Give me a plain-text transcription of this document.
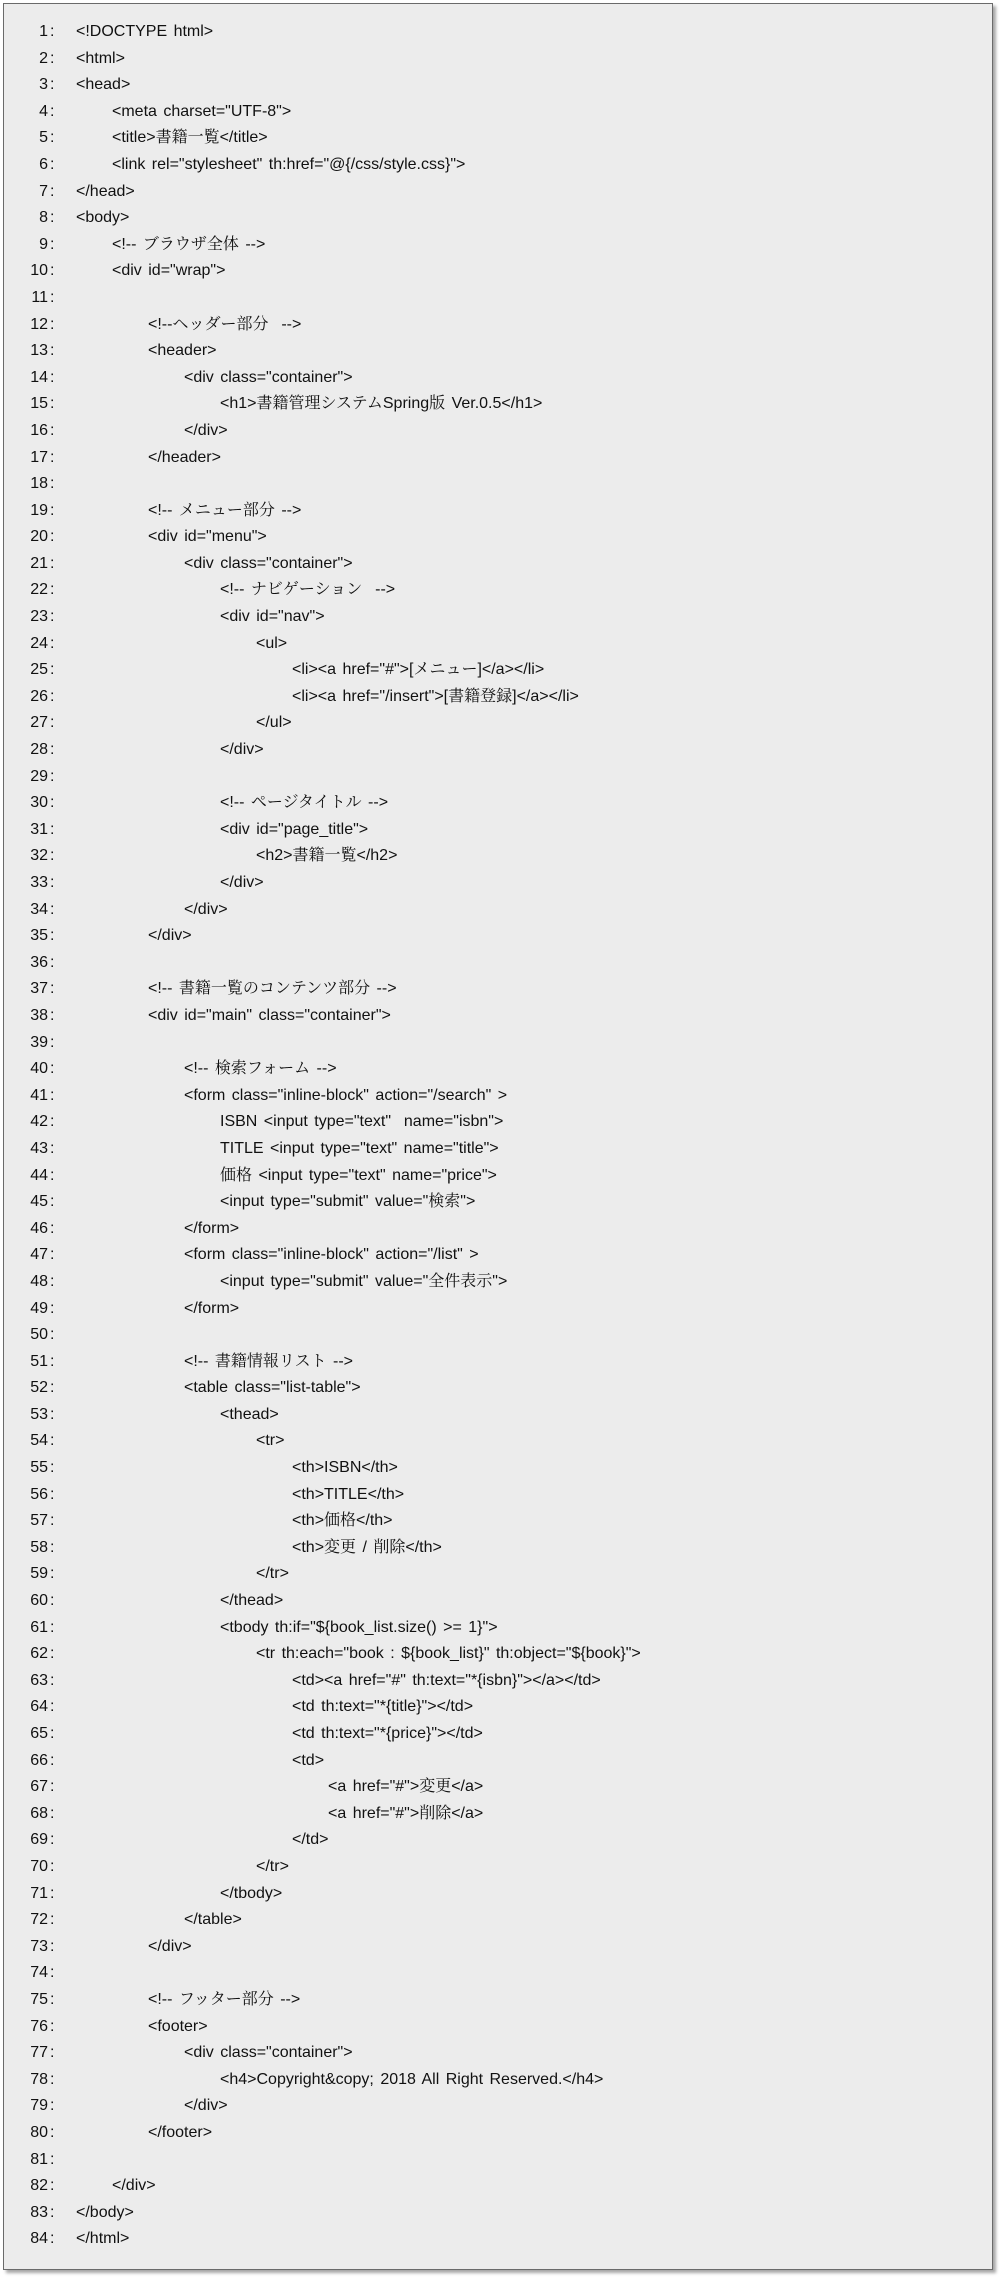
1 : <!DOCTYPE html>
2 : <html>
3 : <head>
4 :	<meta charset="UTF-8">
5 :	<title>書籍一覧</title>
6 :	<link rel="stylesheet" th:href="@{/css/style.css}">
7 : </head>
8 : <body>
9 :	<!-- ブラウザ全体 -->
10 :	<div id="wrap">
11 :
12 :	<!--ヘッダー部分  -->
13 :	<header>
14 :	<div class="container">
15 :	<h1>書籍管理システムSpring版 Ver.0.5</h1>
16 :	</div>
17 :	</header>
18 :
19 :	<!-- メニュー部分 -->
20 :	<div id="menu">
21 :	<div class="container">
22 :	<!-- ナビゲーション  -->
23 :	<div id="nav">
24 :	<ul>
25 :	<li><a href="#">[メニュー]</a></li>
26 :	<li><a href="/insert">[書籍登録]</a></li>
27 :	</ul>
28 :	</div>
29 :
30 :	<!-- ページタイトル -->
31 :	<div id="page_title">
32 :	<h2>書籍一覧</h2>
33 :	</div>
34 :	</div>
35 :	</div>
36 :
37 :	<!-- 書籍一覧のコンテンツ部分 -->
38 :	<div id="main" class="container">
39 :
40 :	<!-- 検索フォーム -->
41 :	<form class="inline-block" action="/search" >
42 :	ISBN <input type="text"  name="isbn">
43 :	TITLE <input type="text" name="title">
44 :	価格 <input type="text" name="price">
45 :	<input type="submit" value="検索">
46 :	</form>
47 :	<form class="inline-block" action="/list" >
48 :	<input type="submit" value="全件表示">
49 :	</form>
50 :
51 :	<!-- 書籍情報リスト -->
52 :	<table class="list-table">
53 :	<thead>
54 :	<tr>
55 :	<th>ISBN</th>
56 :	<th>TITLE</th>
57 :	<th>価格</th>
58 :	<th>変更 / 削除</th>
59 :	</tr>
60 :	</thead>
61 :	<tbody th:if="${book_list.size() >= 1}">
62 :	<tr th:each="book : ${book_list}" th:object="${book}">
63 :	<td><a href="#" th:text="*{isbn}"></a></td>
64 :	<td th:text="*{title}"></td>
65 :	<td th:text="*{price}"></td>
66 :	<td>
67 :	<a href="#">変更</a>
68 :	<a href="#">削除</a>
69 :	</td>
70 :	</tr>
71 :	</tbody>
72 :	</table>
73 :	</div>
74 :
75 :	<!-- フッター部分 -->
76 :	<footer>
77 :	<div class="container">
78 :	<h4>Copyright&copy; 2018 All Right Reserved.</h4>
79 :	</div>
80 :	</footer>
81 :
82 :	</div>
83 : </body>
84 : </html>
